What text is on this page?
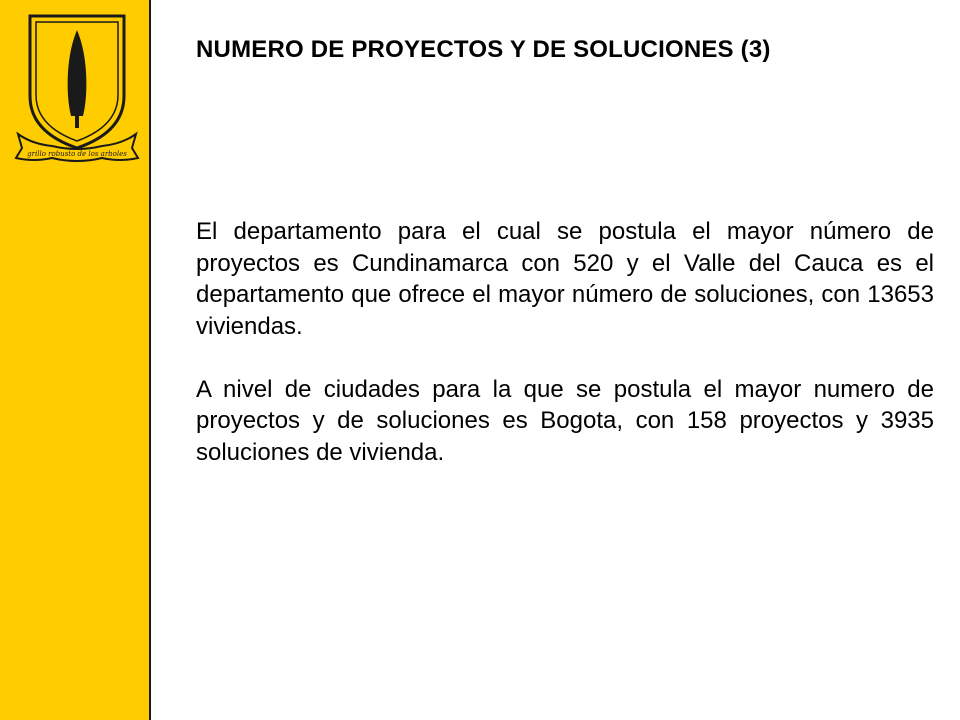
grillo robusto de los arboles
NUMERO DE PROYECTOS Y DE SOLUCIONES (3)

El departamento para el cual se postula el mayor número de proyectos es Cundinamarca con 520 y el Valle del Cauca es el departamento que ofrece el mayor número de soluciones, con 13653 viviendas.

A nivel de ciudades para la que se postula el mayor numero de proyectos y de soluciones es Bogota, con 158 proyectos y 3935 soluciones de vivienda.
